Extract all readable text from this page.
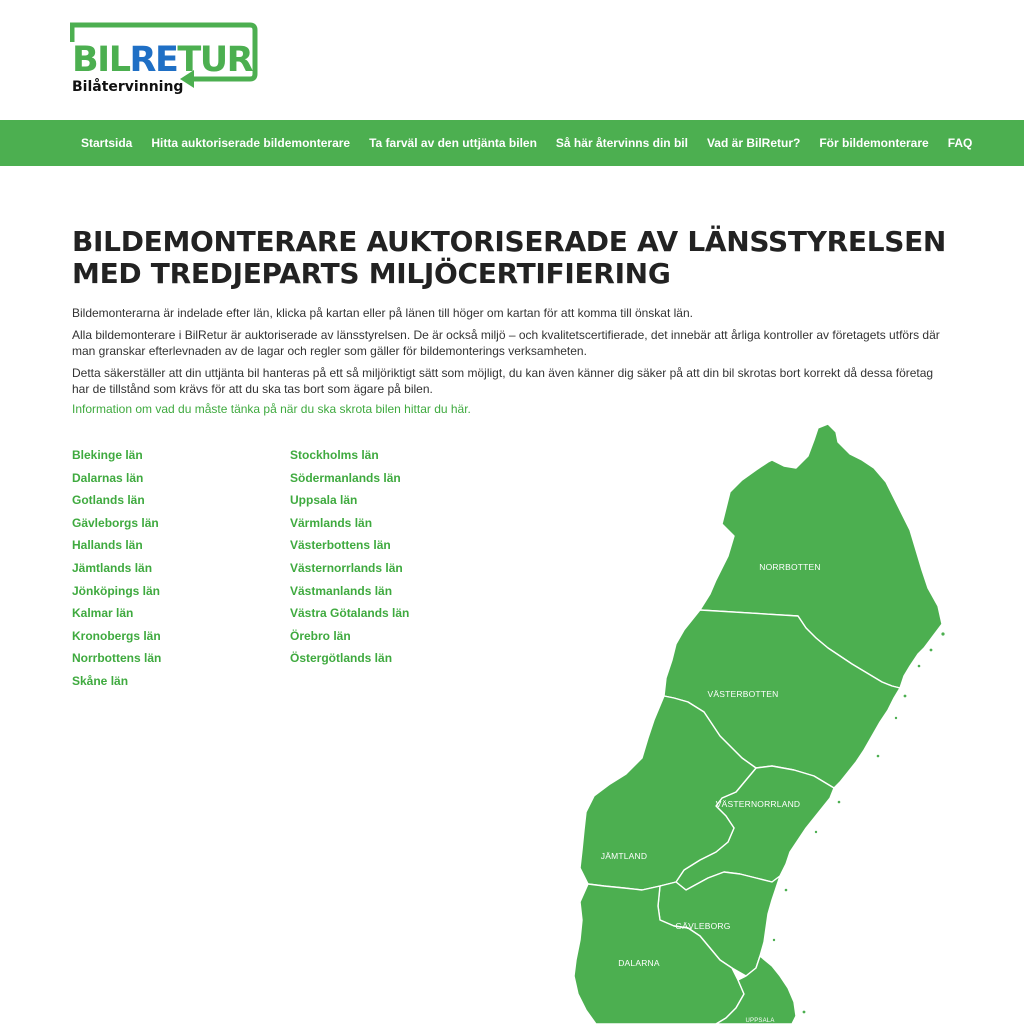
BILRETUR
Bilåtervinning
Startsida Hitta auktoriserade bildemonterare Ta farväl av den uttjänta bilen Så här återvinns din bil Vad är BilRetur? För bildemonterare FAQ
BILDEMONTERARE AUKTORISERADE AV LÄNSSTYRELSEN MED TREDJEPARTS MILJÖCERTIFIERING

Bildemonterarna är indelade efter län, klicka på kartan eller på länen till höger om kartan för att komma till önskat län.

Alla bildemonterare i BilRetur är auktoriserade av länsstyrelsen. De är också miljö – och kvalitetscertifierade, det innebär att årliga kontroller av företagets utförs där man granskar efterlevnaden av de lagar och regler som gäller för bildemonterings verksamheten.

Detta säkerställer att din uttjänta bil hanteras på ett så miljöriktigt sätt som möjligt, du kan även känner dig säker på att din bil skrotas bort korrekt då dessa företag har de tillstånd som krävs för att du ska tas bort som ägare på bilen.

Information om vad du måste tänka på när du ska skrota bilen hittar du här.
Blekinge län
Dalarnas län
Gotlands län
Gävleborgs län
Hallands län
Jämtlands län
Jönköpings län
Kalmar län
Kronobergs län
Norrbottens län
Skåne län
Stockholms län
Södermanlands län
Uppsala län
Värmlands län
Västerbottens län
Västernorrlands län
Västmanlands län
Västra Götalands län
Örebro län
Östergötlands län
NORRBOTTEN
VÄSTERBOTTEN
VÄSTERNORRLAND
JÄMTLAND
GÄVLEBORG
DALARNA
UPPSALA
